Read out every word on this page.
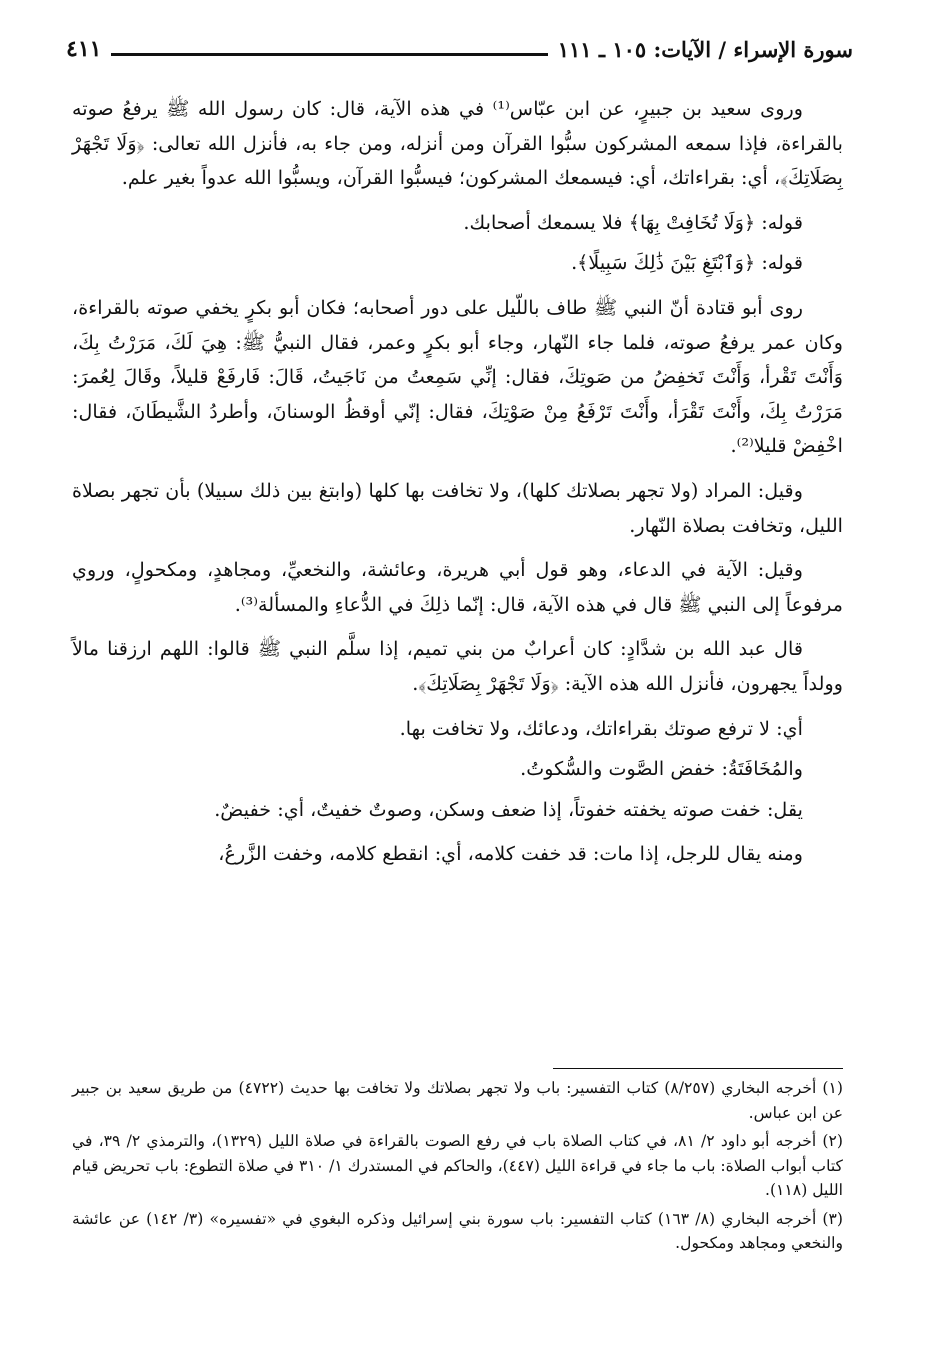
سورة الإسراء / الآيات: ١٠٥ ـ ١١١
٤١١

وروى سعيد بن جبيرٍ، عن ابن عبّاس⁽¹⁾ في هذه الآية، قال: كان رسول الله ﷺ يرفعُ صوته بالقراءة، فإذا سمعه المشركون سبُّوا القرآن ومن أنزله، ومن جاء به، فأنزل الله تعالى: ﴿وَلَا تَجْهَرْ بِصَلَاتِكَ﴾، أي: بقراءاتك، أي: فيسمعك المشركون؛ فيسبُّوا القرآن، ويسبُّوا الله عدواً بغير علم.

قوله: ﴿وَلَا تُخَافِتْ بِهَا﴾ فلا يسمعك أصحابك.

قوله: ﴿وَٱبْتَغِ بَيْنَ ذَٰلِكَ سَبِيلًا﴾.

روى أبو قتادة أنّ النبي ﷺ طاف باللّيل على دور أصحابه؛ فكان أبو بكرٍ يخفي صوته بالقراءة، وكان عمر يرفعُ صوته، فلما جاء النّهار، وجاء أبو بكرٍ وعمر، فقال النبيُّ ﷺ: هِيَ لَكَ، مَرَرْتُ بِكَ، وَأَنْتَ تَقْرأ، وَأَنْتَ تَخفِضُ من صَوتِكَ، فقال: إنِّي سَمِعتُ من نَاجَيتُ، قَالَ: فَارفَعْ قليلاً، وقَالَ لِعُمرَ: مَرَرْتُ بِكَ، وأَنْتَ تَقْرَأ، وأَنْتَ تَرْفَعُ مِنْ صَوْتِكَ، فقال: إنّي أوقظُ الوسنانَ، وأطردُ الشَّيطَانَ، فقال: اخْفِضْ قليلا⁽²⁾.

وقيل: المراد (ولا تجهر بصلاتك كلها)، ولا تخافت بها كلها (وابتغ بين ذلك سبيلا) بأن تجهر بصلاة الليل، وتخافت بصلاة النّهار.

وقيل: الآية في الدعاء، وهو قول أبي هريرة، وعائشة، والنخعيِّ، ومجاهدٍ، ومكحولٍ، وروي مرفوعاً إلى النبي ﷺ قال في هذه الآية، قال: إنّما ذلِكَ في الدُّعاءِ والمسألة⁽³⁾.

قال عبد الله بن شدَّادٍ: كان أعرابٌ من بني تميم، إذا سلَّم النبي ﷺ قالوا: اللهم ارزقنا مالاً وولداً يجهرون، فأنزل الله هذه الآية: ﴿وَلَا تَجْهَرْ بِصَلَاتِكَ﴾.

أي: لا ترفع صوتك بقراءاتك، ودعائك، ولا تخافت بها.

والمُخَافَتَةُ: خفض الصَّوت والسُّكوتُ.

يقل: خفت صوته يخفته خفوتاً، إذا ضعف وسكن، وصوتٌ خفيتٌ، أي: خفيضٌ.

ومنه يقال للرجل، إذا مات: قد خفت كلامه، أي: انقطع كلامه، وخفت الزَّرعُ،

(١) أخرجه البخاري (٨/٢٥٧) كتاب التفسير: باب ولا تجهر بصلاتك ولا تخافت بها حديث (٤٧٢٢) من طريق سعيد بن جبير عن ابن عباس.

(٢) أخرجه أبو داود ٢/ ٨١، في كتاب الصلاة باب في رفع الصوت بالقراءة في صلاة الليل (١٣٢٩)، والترمذي ٢/ ٣٩، في كتاب أبواب الصلاة: باب ما جاء في قراءة الليل (٤٤٧)، والحاكم في المستدرك ١/ ٣١٠ في صلاة التطوع: باب تحريض قيام الليل (١١٨).

(٣) أخرجه البخاري (٨/ ١٦٣) كتاب التفسير: باب سورة بني إسرائيل وذكره البغوي في «تفسيره» (٣/ ١٤٢) عن عائشة والنخعي ومجاهد ومكحول.
